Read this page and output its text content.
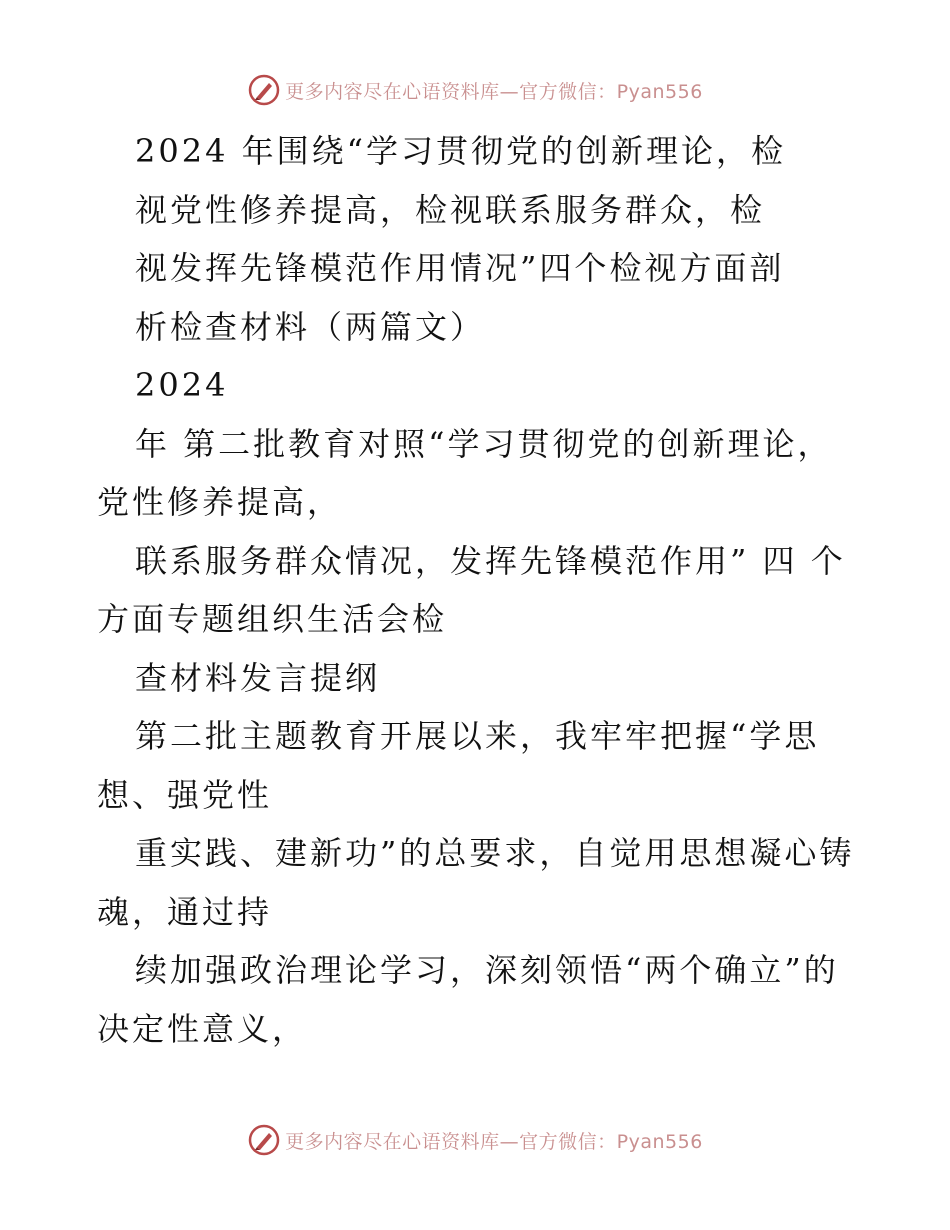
更多内容尽在心语资料库—官方微信：Pyan556
2024 年围绕“学习贯彻党的创新理论，检
视党性修养提高，检视联系服务群众，检
视发挥先锋模范作用情况”四个检视方面剖
析检查材料（两篇文）
2024
年 第二批教育对照“学习贯彻党的创新理论，
党性修养提高，
联系服务群众情况，发挥先锋模范作用” 四 个
方面专题组织生活会检
查材料发言提纲
第二批主题教育开展以来，我牢牢把握“学思
想、强党性
重实践、建新功”的总要求，自觉用思想凝心铸
魂，通过持
续加强政治理论学习，深刻领悟“两个确立”的
决定性意义，
更多内容尽在心语资料库—官方微信：Pyan556
